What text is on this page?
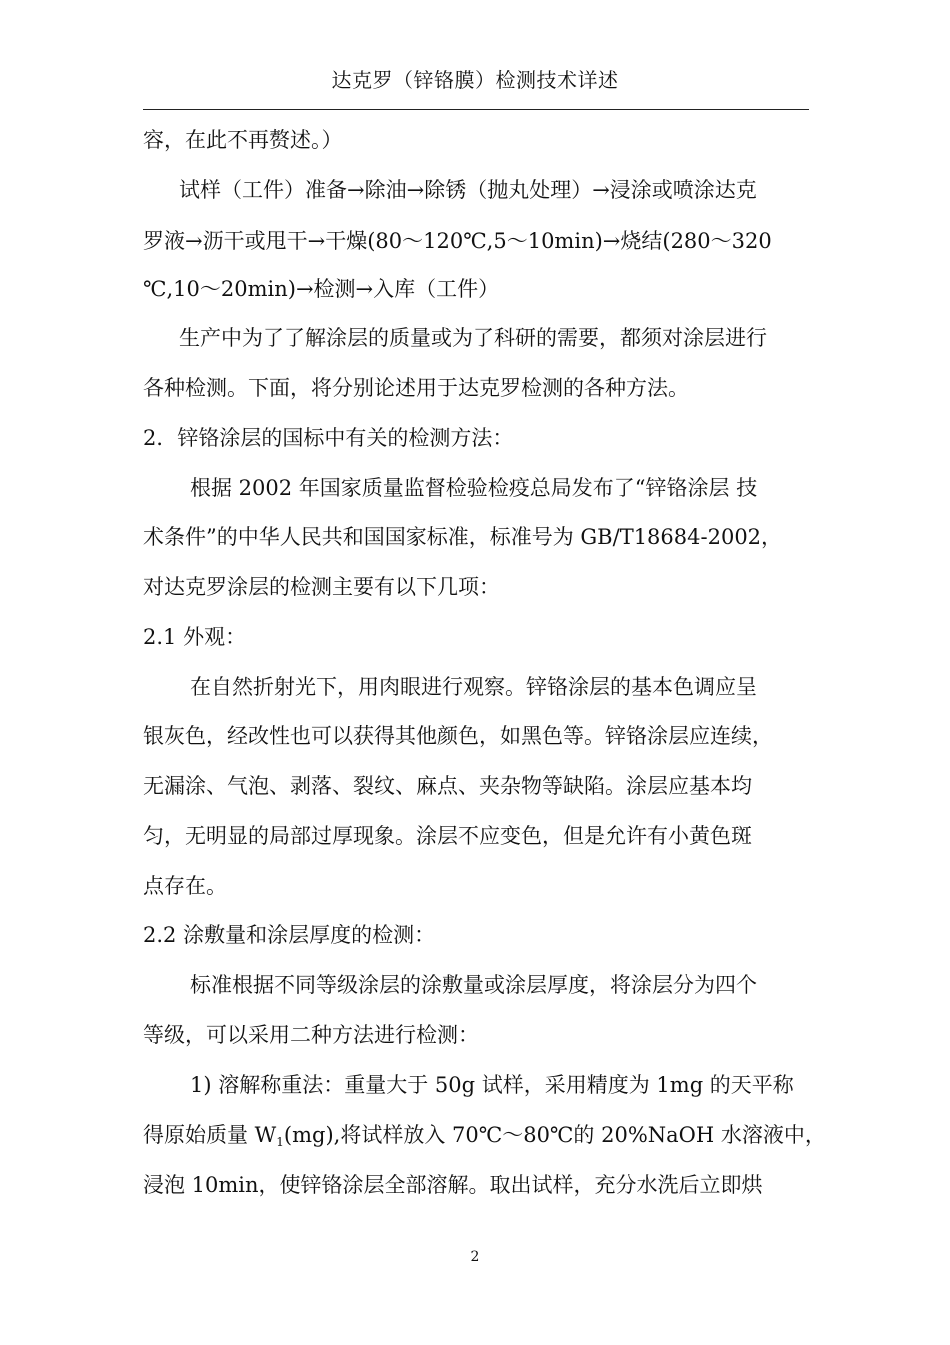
达克罗（锌铬膜）检测技术详述
容，在此不再赘述。）
试样（工件）准备→除油→除锈（抛丸处理）→浸涂或喷涂达克
罗液→沥干或甩干→干燥(80～120℃,5～10min)→烧结(280～320
℃,10～20min)→检测→入库（工件）
生产中为了了解涂层的质量或为了科研的需要，都须对涂层进行
各种检测。下面，将分别论述用于达克罗检测的各种方法。
2．锌铬涂层的国标中有关的检测方法：
根据 2002 年国家质量监督检验检疫总局发布了“锌铬涂层 技
术条件”的中华人民共和国国家标准，标准号为 GB/T18684-2002，
对达克罗涂层的检测主要有以下几项：
2.1 外观：
在自然折射光下，用肉眼进行观察。锌铬涂层的基本色调应呈
银灰色，经改性也可以获得其他颜色，如黑色等。锌铬涂层应连续，
无漏涂、气泡、剥落、裂纹、麻点、夹杂物等缺陷。涂层应基本均
匀，无明显的局部过厚现象。涂层不应变色，但是允许有小黄色斑
点存在。
2.2 涂敷量和涂层厚度的检测：
标准根据不同等级涂层的涂敷量或涂层厚度，将涂层分为四个
等级，可以采用二种方法进行检测：
1) 溶解称重法：重量大于 50g 试样，采用精度为 1mg 的天平称
得原始质量 $W_1(mg)$,将试样放入 70℃～80℃的 20%NaOH 水溶液中，
浸泡 10min，使锌铬涂层全部溶解。取出试样，充分水洗后立即烘
2
